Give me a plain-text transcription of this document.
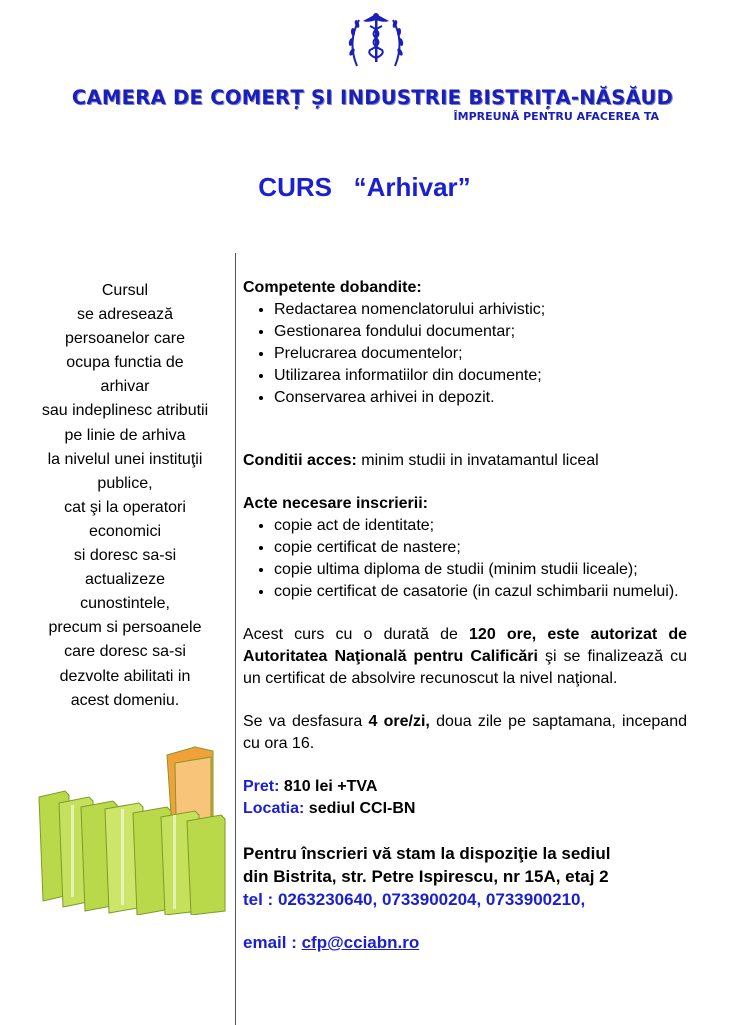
CAMERA DE COMERȚ ȘI INDUSTRIE BISTRIȚA-NĂSĂUD
ÎMPREUNĂ PENTRU AFACEREA TA
CURS   “Arhivar”
Cursul
se adresează
persoanelor care
ocupa functia de
arhivar
sau indeplinesc atributii
pe linie de arhiva
la nivelul unei instituţii
publice,
cat şi la operatori
economici
si doresc sa-si
actualizeze
cunostintele,
precum si persoanele
care doresc sa-si
dezvolte abilitati in
acest domeniu.
Competente dobandite:
• Redactarea nomenclatorului arhivistic;
• Gestionarea fondului documentar;
• Prelucrarea documentelor;
• Utilizarea informatiilor din documente;
• Conservarea arhivei in depozit.
Conditii acces: minim studii in invatamantul liceal
Acte necesare inscrierii:
• copie act de identitate;
• copie certificat de nastere;
• copie ultima diploma de studii (minim studii liceale);
• copie certificat de casatorie (in cazul schimbarii numelui).
Acest curs cu o durată de 120 ore, este autorizat de Autoritatea Naţională pentru Calificări şi se finalizează cu un certificat de absolvire recunoscut la nivel naţional.
Se va desfasura 4 ore/zi, doua zile pe saptamana, incepand cu ora 16.
Pret: 810 lei +TVA
Locatia: sediul CCI-BN
Pentru înscrieri vă stam la dispoziţie la sediul
din Bistrita, str. Petre Ispirescu, nr 15A, etaj 2
tel : 0263230640, 0733900204, 0733900210,
email : cfp@cciabn.ro
